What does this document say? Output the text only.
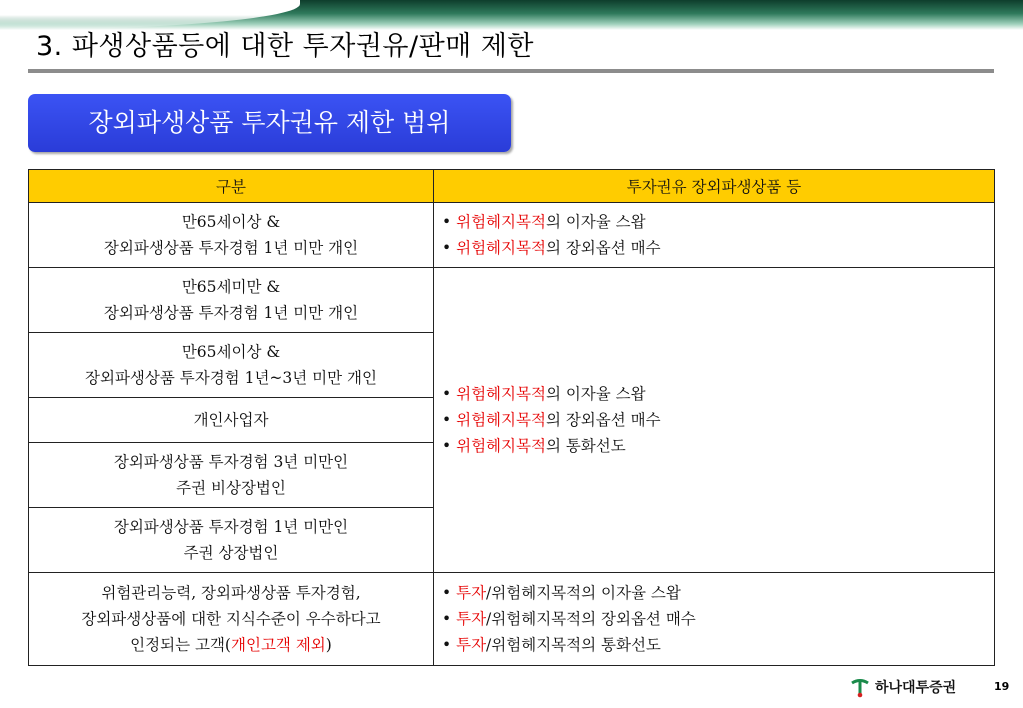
3. 파생상품등에 대한 투자권유/판매 제한
장외파생상품 투자권유 제한 범위
구분	투자권유 장외파생상품 등

만65세이상 &
장외파생상품 투자경험 1년 미만 개인	• 위험헤지목적의 이자율 스왑
• 위험헤지목적의 장외옵션 매수

만65세미만 &
장외파생상품 투자경험 1년 미만 개인	• 위험헤지목적의 이자율 스왑
• 위험헤지목적의 장외옵션 매수
• 위험헤지목적의 통화선도

만65세이상 &
장외파생상품 투자경험 1년~3년 미만 개인	

개인사업자	

장외파생상품 투자경험 3년 미만인
주권 비상장법인	

장외파생상품 투자경험 1년 미만인
주권 상장법인	

위험관리능력, 장외파생상품 투자경험,
장외파생상품에 대한 지식수준이 우수하다고
인정되는 고객(개인고객 제외)	• 투자/위험헤지목적의 이자율 스왑
• 투자/위험헤지목적의 장외옵션 매수
• 투자/위험헤지목적의 통화선도
하나대투증권	19
